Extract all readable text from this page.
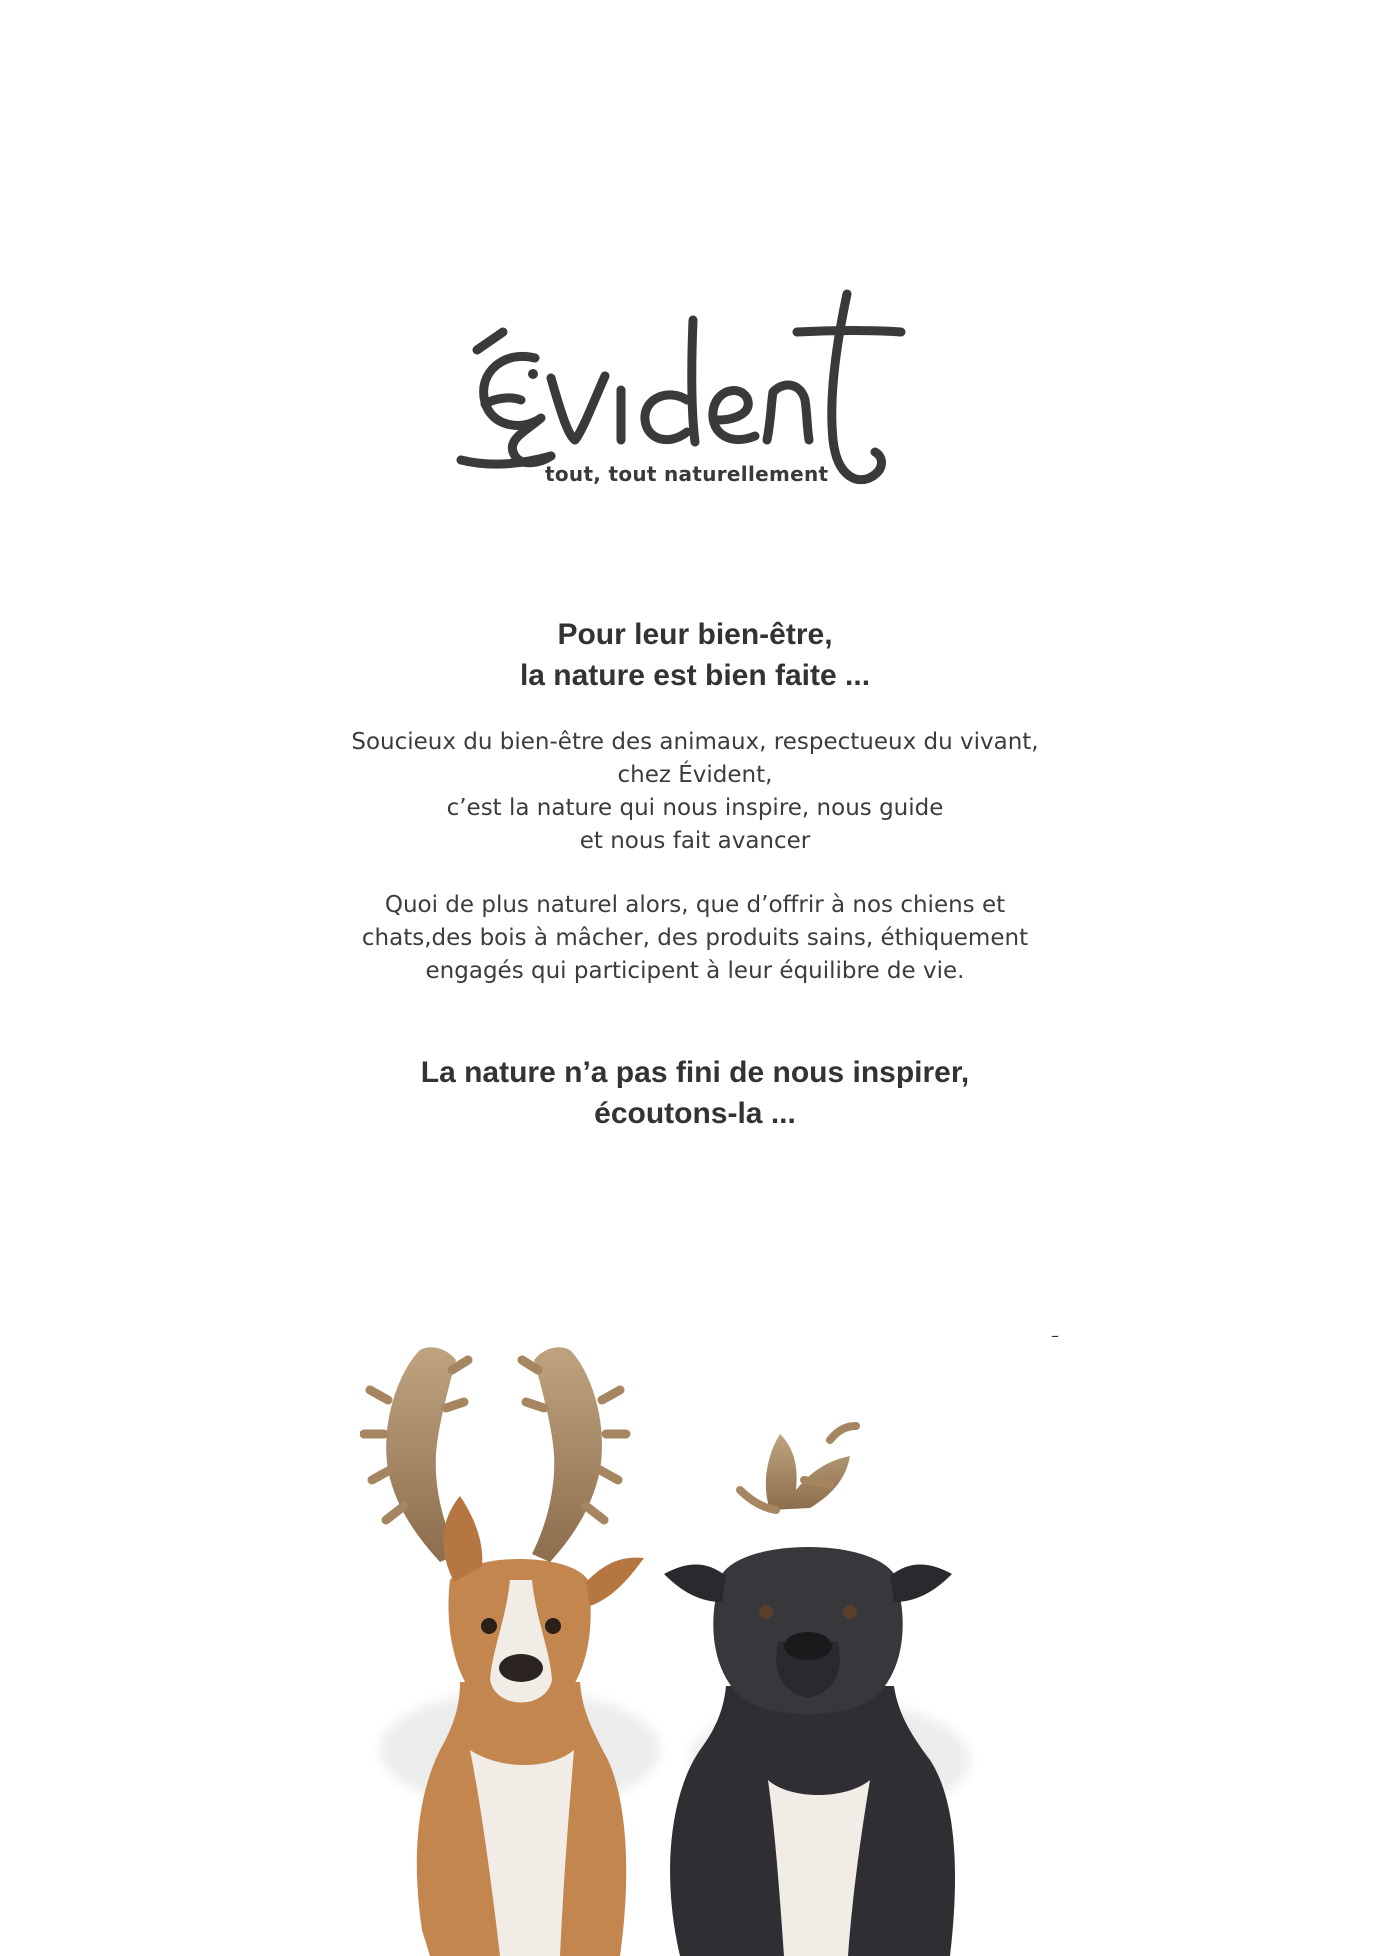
tout, tout naturellement
Pour leur bien-être,
la nature est bien faite ...

Soucieux du bien-être des animaux, respectueux du vivant,
chez Évident,
c’est la nature qui nous inspire, nous guide
et nous fait avancer

Quoi de plus naturel alors, que d’offrir à nos chiens et
chats,des bois à mâcher, des produits sains, éthiquement
engagés qui participent à leur équilibre de vie.

La nature n’a pas fini de nous inspirer,
écoutons-la ...
–
